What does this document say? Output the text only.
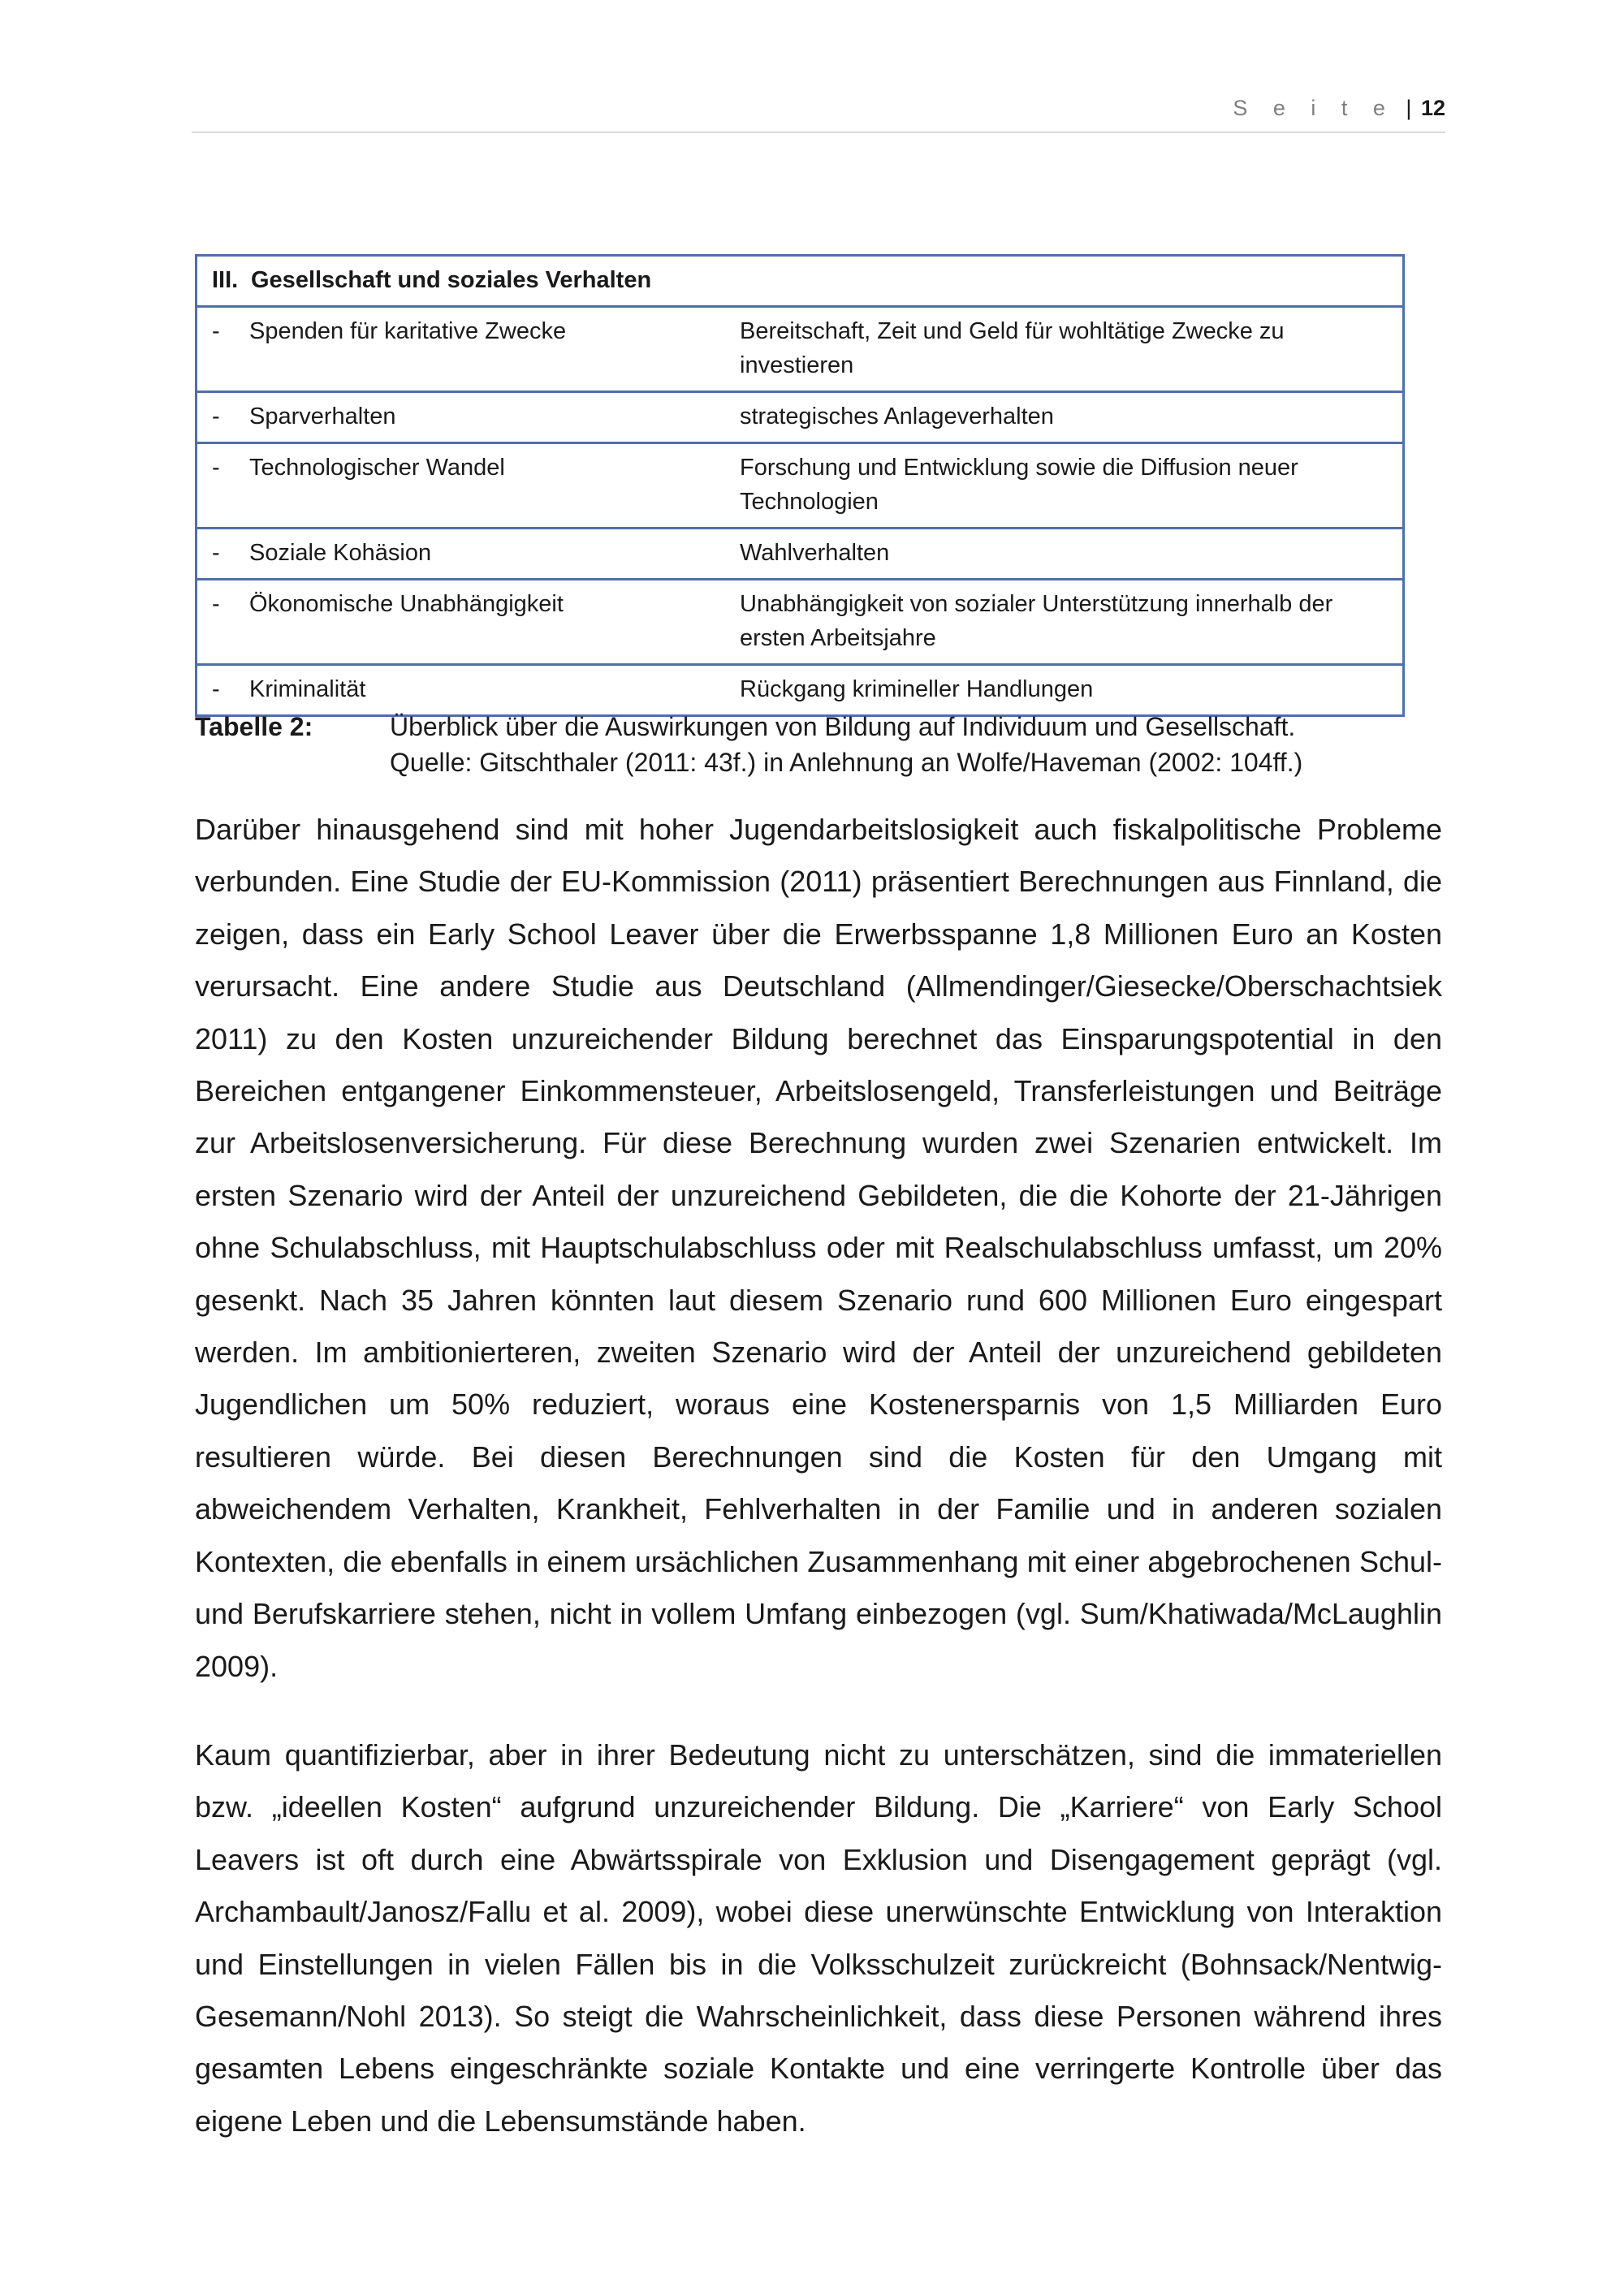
S e i t e | 12
III. Gesellschaft und soziales Verhalten	
- Spenden für karitative Zwecke	Bereitschaft, Zeit und Geld für wohltätige Zwecke zu investieren
- Sparverhalten	strategisches Anlageverhalten
- Technologischer Wandel	Forschung und Entwicklung sowie die Diffusion neuer Technologien
- Soziale Kohäsion	Wahlverhalten
- Ökonomische Unabhängigkeit	Unabhängigkeit von sozialer Unterstützung innerhalb der ersten Arbeitsjahre
- Kriminalität	Rückgang krimineller Handlungen
Tabelle 2:	Überblick über die Auswirkungen von Bildung auf Individuum und Gesellschaft.
Quelle: Gitschthaler (2011: 43f.) in Anlehnung an Wolfe/Haveman (2002: 104ff.)

Darüber hinausgehend sind mit hoher Jugendarbeitslosigkeit auch fiskalpolitische Probleme verbunden. Eine Studie der EU-Kommission (2011) präsentiert Berechnungen aus Finnland, die zeigen, dass ein Early School Leaver über die Erwerbsspanne 1,8 Millionen Euro an Kosten verursacht. Eine andere Studie aus Deutschland (Allmendinger/Giesecke/Oberschachtsiek 2011) zu den Kosten unzureichender Bildung berechnet das Einsparungspotential in den Bereichen entgangener Einkommensteuer, Arbeitslosengeld, Transferleistungen und Beiträge zur Arbeitslosenversicherung. Für diese Berechnung wurden zwei Szenarien entwickelt. Im ersten Szenario wird der Anteil der unzureichend Gebildeten, die die Kohorte der 21-Jährigen ohne Schulabschluss, mit Hauptschulabschluss oder mit Realschulabschluss umfasst, um 20% gesenkt. Nach 35 Jahren könnten laut diesem Szenario rund 600 Millionen Euro eingespart werden. Im ambitionierteren, zweiten Szenario wird der Anteil der unzureichend gebildeten Jugendlichen um 50% reduziert, woraus eine Kostenersparnis von 1,5 Milliarden Euro resultieren würde. Bei diesen Berechnungen sind die Kosten für den Umgang mit abweichendem Verhalten, Krankheit, Fehlverhalten in der Familie und in anderen sozialen Kontexten, die ebenfalls in einem ursächlichen Zusammenhang mit einer abgebrochenen Schul- und Berufskarriere stehen, nicht in vollem Umfang einbezogen (vgl. Sum/Khatiwada/McLaughlin 2009).

Kaum quantifizierbar, aber in ihrer Bedeutung nicht zu unterschätzen, sind die immateriellen bzw. „ideellen Kosten“ aufgrund unzureichender Bildung. Die „Karriere“ von Early School Leavers ist oft durch eine Abwärtsspirale von Exklusion und Disengagement geprägt (vgl. Archambault/Janosz/Fallu et al. 2009), wobei diese unerwünschte Entwicklung von Interaktion und Einstellungen in vielen Fällen bis in die Volksschulzeit zurückreicht (Bohnsack/Nentwig-Gesemann/Nohl 2013). So steigt die Wahrscheinlichkeit, dass diese Personen während ihres gesamten Lebens eingeschränkte soziale Kontakte und eine verringerte Kontrolle über das eigene Leben und die Lebensumstände haben.
